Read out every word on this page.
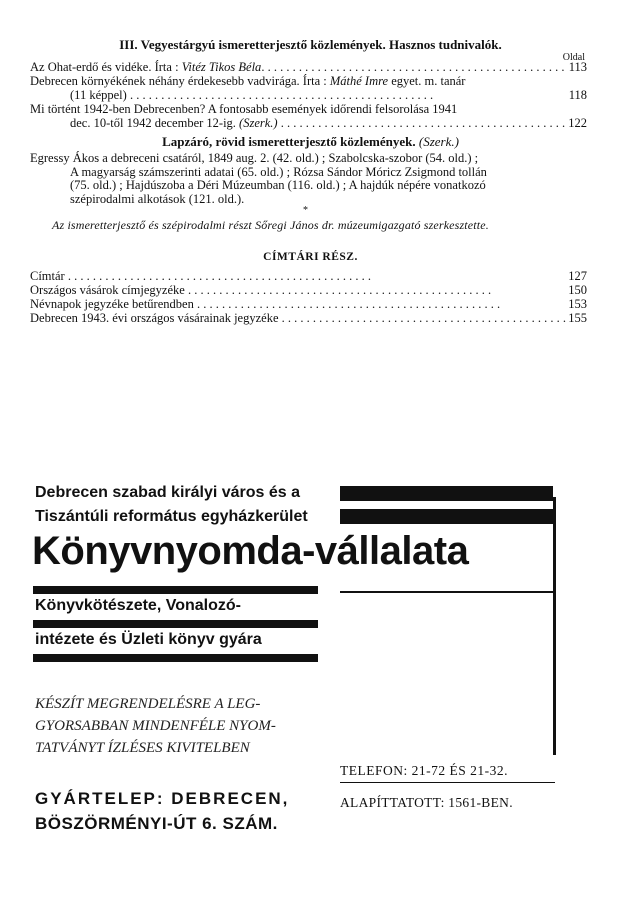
III. Vegyestárgyú ismeretterjesztő közlemények. Hasznos tudnivalók.
Oldal
Az Ohat-erdő és vidéke. Írta : Vitéz Tikos Béla. . . .	113
Debrecen környékének néhány érdekesebb vadvirága. Írta : Máthé Imre egyet. m. tanár
(11 képpel) . . .	118
Mi történt 1942-ben Debrecenben? A fontosabb események időrendi felsorolása 1941
dec. 10-től 1942 december 12-ig. (Szerk.) . . .	122
Lapzáró, rövid ismeretterjesztő közlemények. (Szerk.)
Egressy Ákos a debreceni csatáról, 1849 aug. 2. (42. old.) ; Szabolcska-szobor (54. old.) ;
A magyarság számszerinti adatai (65. old.) ; Rózsa Sándor Móricz Zsigmond tollán
(75. old.) ; Hajdúszoba a Déri Múzeumban (116. old.) ; A hajdúk népére vonatkozó
szépirodalmi alkotások (121. old.).
*
Az ismeretterjesztő és szépirodalmi részt Sőregi János dr. múzeumigazgató szerkesztette.
CÍMTÁRI RÉSZ.
Címtár . . .	127
Országos vásárok címjegyzéke . . .	150
Névnapok jegyzéke betűrendben . . .	153
Debrecen 1943. évi országos vásárainak jegyzéke . . .	155
Debrecen szabad királyi város és a
Tiszántúli református egyházkerület
Könyvnyomda-vállalata
Könyvkötészete, Vonalozó-
intézete és Üzleti könyv gyára
KÉSZÍT MEGRENDELÉSRE A LEG-
GYORSABBAN MINDENFÉLE NYOM-
TATVÁNYT ÍZLÉSES KIVITELBEN
TELEFON: 21-72 ÉS 21-32.
ALAPÍTTATOTT: 1561-BEN.
GYÁRTELEP: DEBRECEN,
BÖSZÖRMÉNYI-ÚT 6. SZÁM.
